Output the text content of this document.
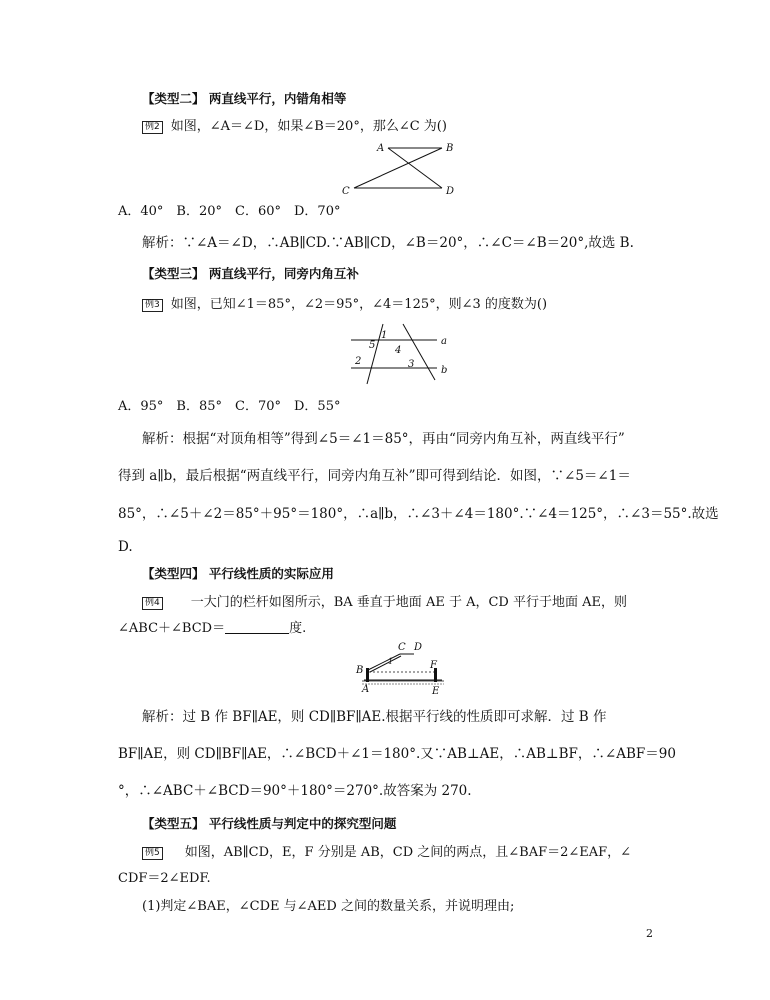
【类型二】 两直线平行，内错角相等
例2 如图，∠A＝∠D，如果∠B＝20°，那么∠C 为()
A	B
C	D
A．40°　B．20°　C．60°　D．70°
解析：∵∠A＝∠D，∴AB∥CD.∵AB∥CD，∠B＝20°，∴∠C＝∠B＝20°,故选 B.
【类型三】 两直线平行，同旁内角互补
例3 如图，已知∠1＝85°，∠2＝95°，∠4＝125°，则∠3 的度数为()
1
5 4
2	3
a
b
A．95°　B．85°　C．70°　D．55°
解析：根据“对顶角相等”得到∠5＝∠1＝85°，再由“同旁内角互补，两直线平行”
得到 a∥b，最后根据“两直线平行，同旁内角互补”即可得到结论．如图，∵∠5＝∠1＝
85°，∴∠5＋∠2＝85°＋95°＝180°，∴a∥b，∴∠3＋∠4＝180°.∵∠4＝125°，∴∠3＝55°.故选
D.
【类型四】 平行线性质的实际应用
例4 一大门的栏杆如图所示，BA 垂直于地面 AE 于 A，CD 平行于地面 AE，则
∠ABC＋∠BCD＝	度.
C D
B	F
1
A	E
解析：过 B 作 BF∥AE，则 CD∥BF∥AE.根据平行线的性质即可求解．过 B 作
BF∥AE，则 CD∥BF∥AE，∴∠BCD＋∠1＝180°.又∵AB⊥AE，∴AB⊥BF，∴∠ABF＝90
°，∴∠ABC＋∠BCD＝90°＋180°＝270°.故答案为 270.
【类型五】 平行线性质与判定中的探究型问题
例5 如图，AB∥CD，E，F 分别是 AB，CD 之间的两点，且∠BAF＝2∠EAF，∠
CDF＝2∠EDF.
(1)判定∠BAE，∠CDE 与∠AED 之间的数量关系，并说明理由;
2
